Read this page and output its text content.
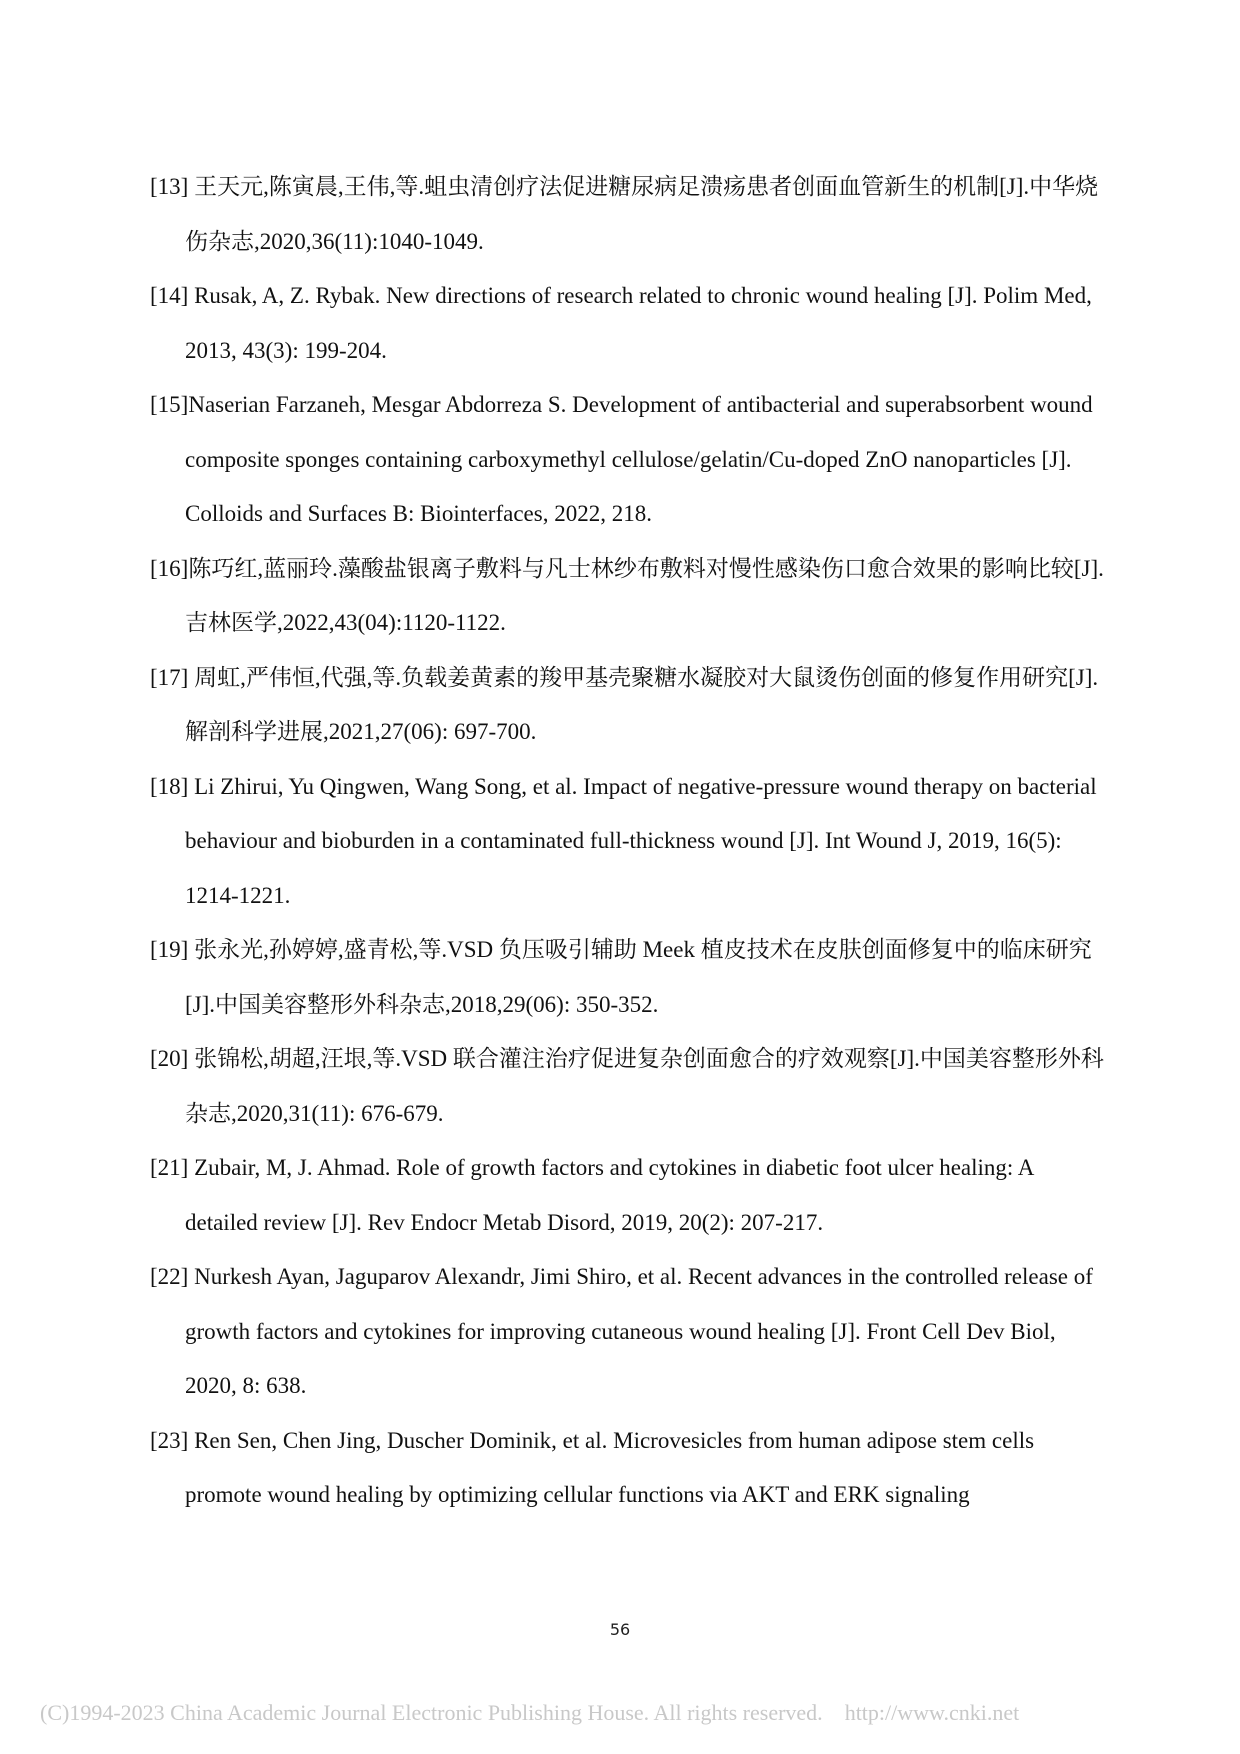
[13] 王天元,陈寅晨,王伟,等.蛆虫清创疗法促进糖尿病足溃疡患者创面血管新生的机制[J].中华烧伤杂志,2020,36(11):1040-1049.
[14] Rusak, A, Z. Rybak. New directions of research related to chronic wound healing [J]. Polim Med, 2013, 43(3): 199-204.
[15]Naserian Farzaneh, Mesgar Abdorreza S. Development of antibacterial and superabsorbent wound composite sponges containing carboxymethyl cellulose/gelatin/Cu-doped ZnO nanoparticles [J]. Colloids and Surfaces B: Biointerfaces, 2022, 218.
[16]陈巧红,蓝丽玲.藻酸盐银离子敷料与凡士林纱布敷料对慢性感染伤口愈合效果的影响比较[J].吉林医学,2022,43(04):1120-1122.
[17] 周虹,严伟恒,代强,等.负载姜黄素的羧甲基壳聚糖水凝胶对大鼠烫伤创面的修复作用研究[J].解剖科学进展,2021,27(06): 697-700.
[18] Li Zhirui, Yu Qingwen, Wang Song, et al. Impact of negative-pressure wound therapy on bacterial behaviour and bioburden in a contaminated full-thickness wound [J]. Int Wound J, 2019, 16(5): 1214-1221.
[19] 张永光,孙婷婷,盛青松,等.VSD 负压吸引辅助 Meek 植皮技术在皮肤创面修复中的临床研究[J].中国美容整形外科杂志,2018,29(06): 350-352.
[20] 张锦松,胡超,汪垠,等.VSD 联合灌注治疗促进复杂创面愈合的疗效观察[J].中国美容整形外科杂志,2020,31(11): 676-679.
[21] Zubair, M, J. Ahmad. Role of growth factors and cytokines in diabetic foot ulcer healing: A detailed review [J]. Rev Endocr Metab Disord, 2019, 20(2): 207-217.
[22] Nurkesh Ayan, Jaguparov Alexandr, Jimi Shiro, et al. Recent advances in the controlled release of growth factors and cytokines for improving cutaneous wound healing [J]. Front Cell Dev Biol, 2020, 8: 638.
[23] Ren Sen, Chen Jing, Duscher Dominik, et al. Microvesicles from human adipose stem cells promote wound healing by optimizing cellular functions via AKT and ERK signaling
56
(C)1994-2023 China Academic Journal Electronic Publishing House. All rights reserved. http://www.cnki.net
